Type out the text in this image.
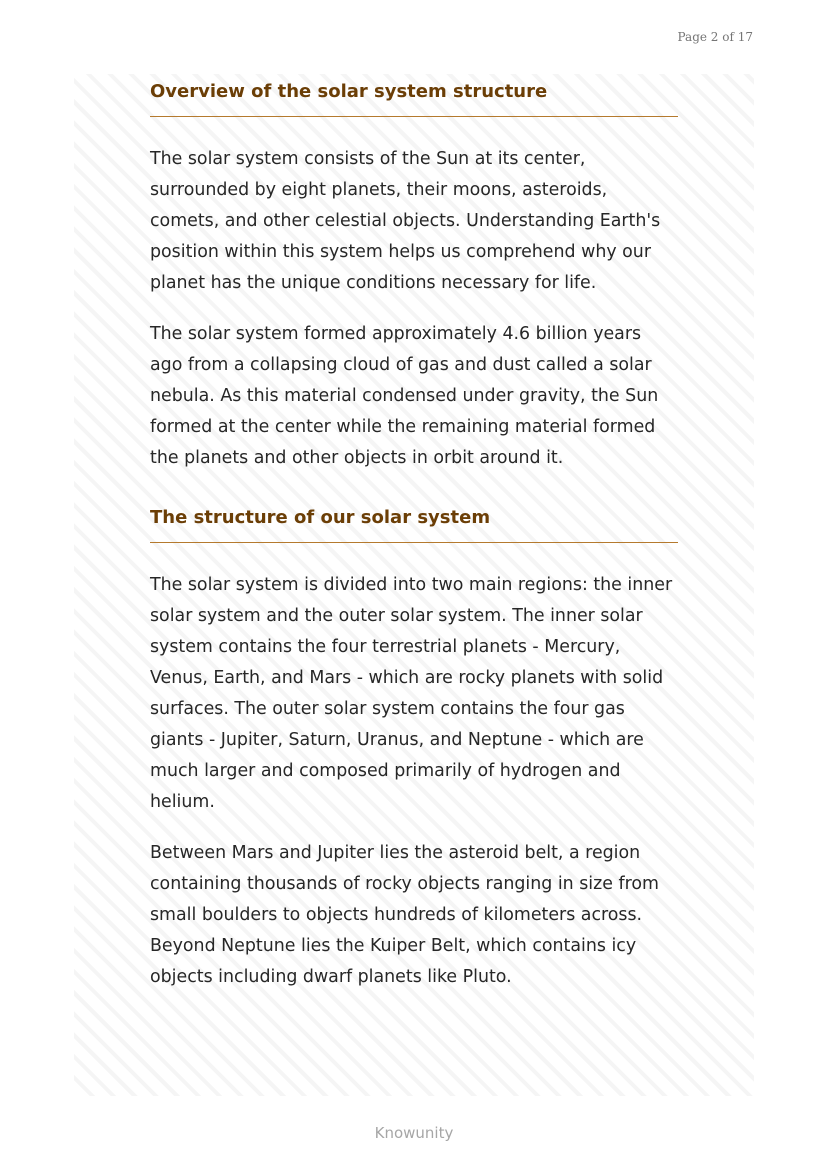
Page 2 of 17
Overview of the solar system structure

The solar system consists of the Sun at its center, surrounded by eight planets, their moons, asteroids, comets, and other celestial objects. Understanding Earth's position within this system helps us comprehend why our planet has the unique conditions necessary for life.

The solar system formed approximately 4.6 billion years ago from a collapsing cloud of gas and dust called a solar nebula. As this material condensed under gravity, the Sun formed at the center while the remaining material formed the planets and other objects in orbit around it.

The structure of our solar system

The solar system is divided into two main regions: the inner solar system and the outer solar system. The inner solar system contains the four terrestrial planets - Mercury, Venus, Earth, and Mars - which are rocky planets with solid surfaces. The outer solar system contains the four gas giants - Jupiter, Saturn, Uranus, and Neptune - which are much larger and composed primarily of hydrogen and helium.

Between Mars and Jupiter lies the asteroid belt, a region containing thousands of rocky objects ranging in size from small boulders to objects hundreds of kilometers across. Beyond Neptune lies the Kuiper Belt, which contains icy objects including dwarf planets like Pluto.

Knowunity
